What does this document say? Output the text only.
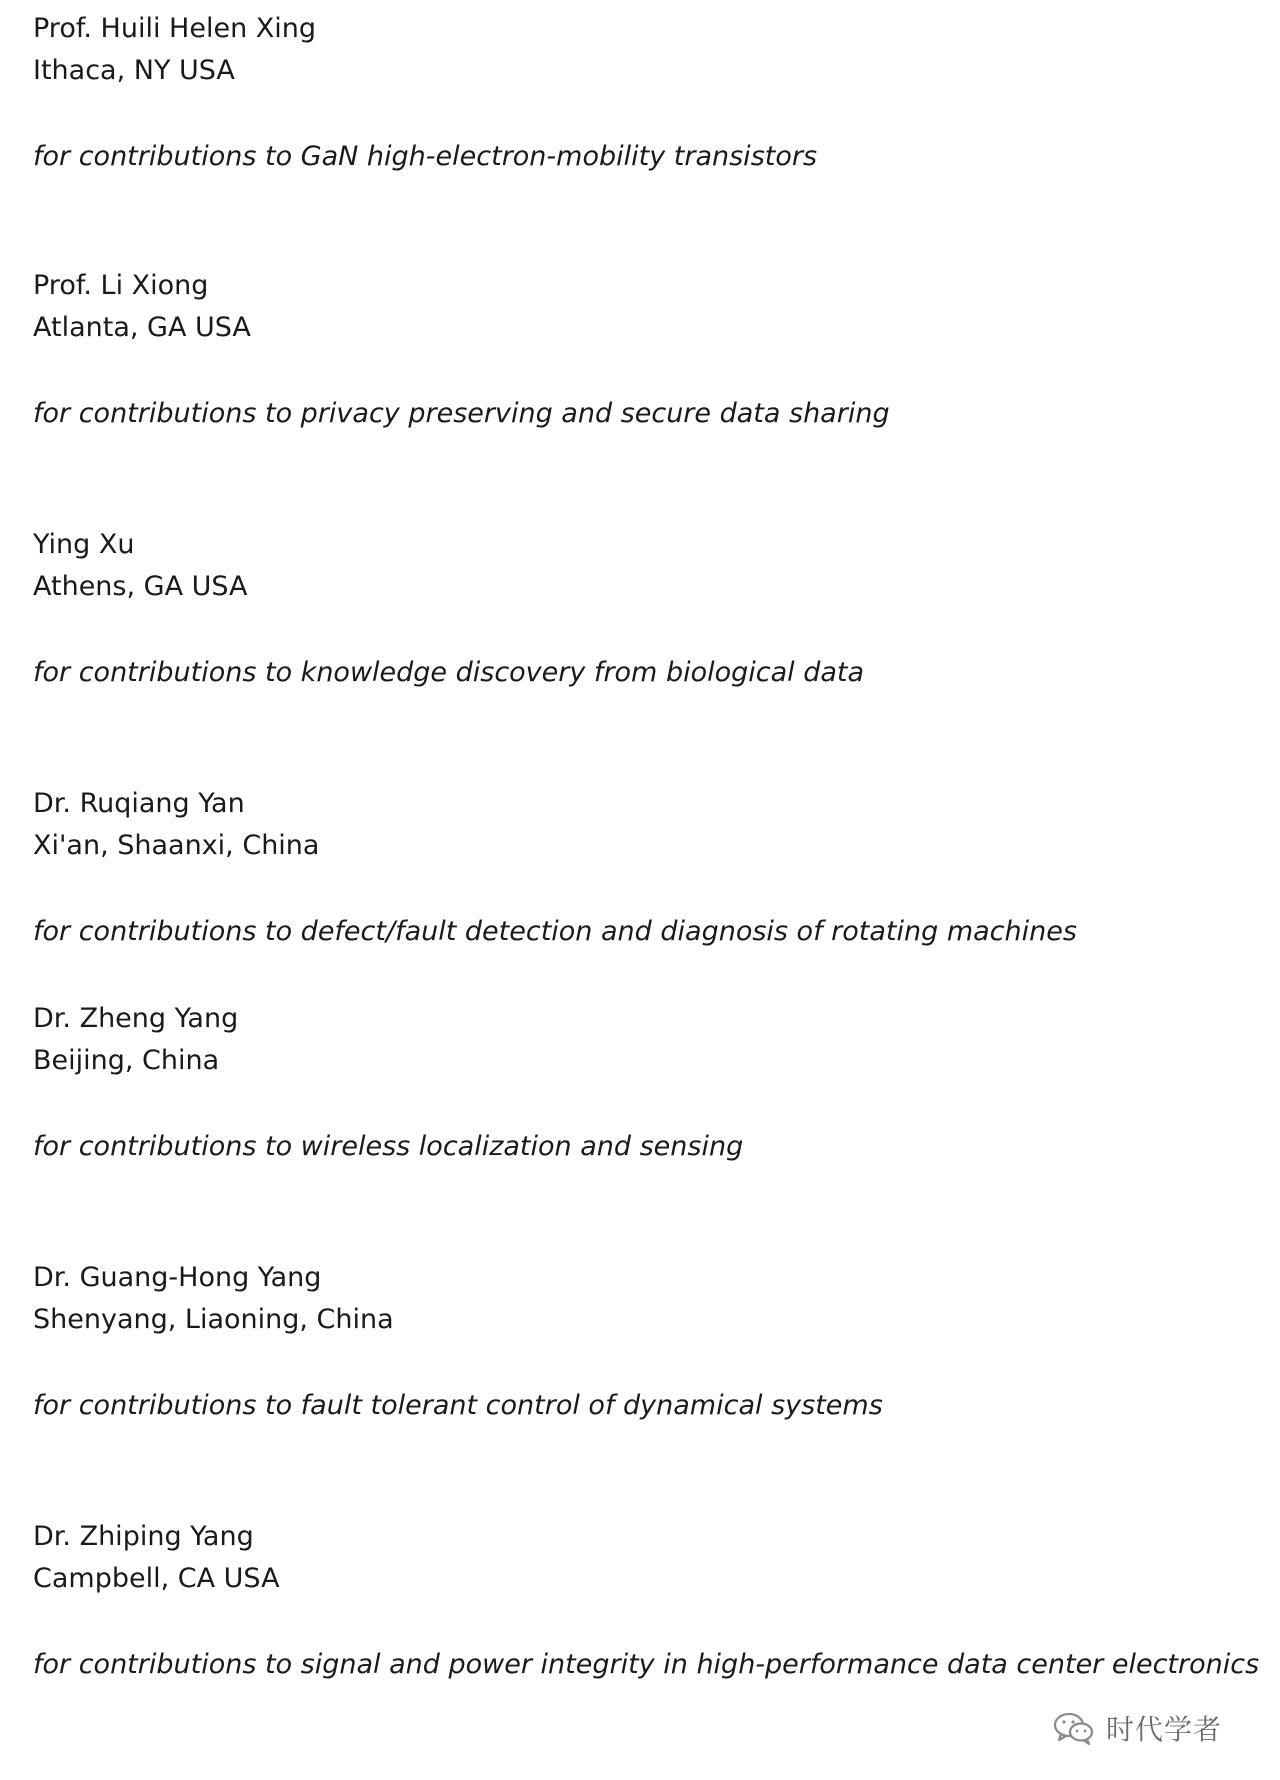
Prof. Huili Helen Xing
Ithaca, NY USA
for contributions to GaN high-electron-mobility transistors
Prof. Li Xiong
Atlanta, GA USA
for contributions to privacy preserving and secure data sharing
Ying Xu
Athens, GA USA
for contributions to knowledge discovery from biological data
Dr. Ruqiang Yan
Xi'an, Shaanxi, China
for contributions to defect/fault detection and diagnosis of rotating machines
Dr. Zheng Yang
Beijing, China
for contributions to wireless localization and sensing
Dr. Guang-Hong Yang
Shenyang, Liaoning, China
for contributions to fault tolerant control of dynamical systems
Dr. Zhiping Yang
Campbell, CA USA
for contributions to signal and power integrity in high-performance data center electronics
时代学者
